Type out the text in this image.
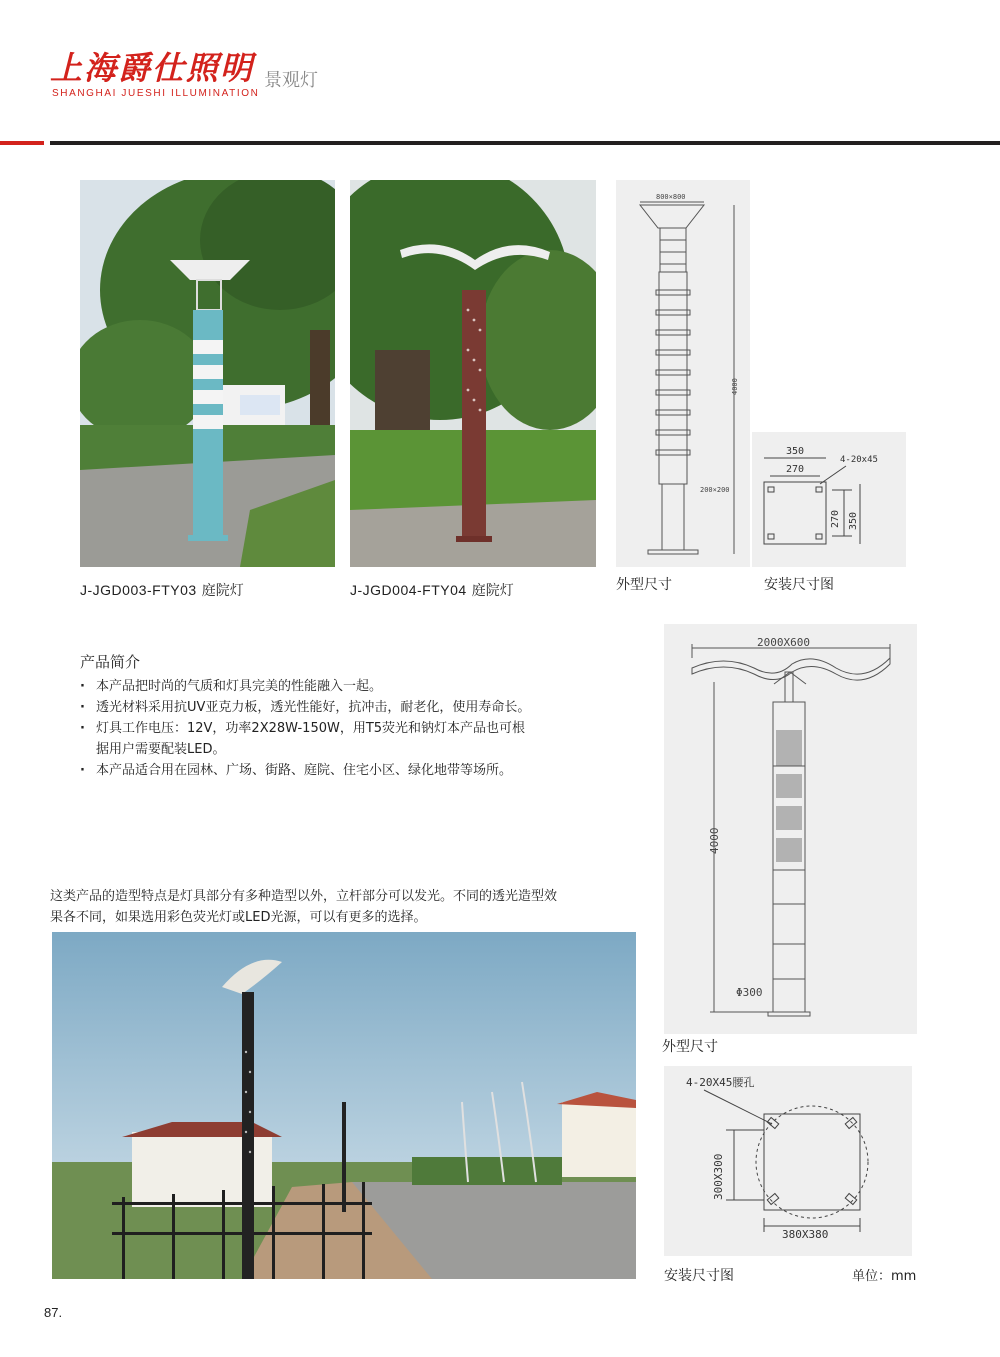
上海爵仕照明
SHANGHAI JUESHI ILLUMINATION
景观灯
J-JGD003-FTY03 庭院灯	J-JGD004-FTY04 庭院灯
800×800
4000
200×200
350
4-20x45
270
270 350
外型尺寸	安装尺寸图
产品简介
· 本产品把时尚的气质和灯具完美的性能融入一起。
· 透光材料采用抗UV亚克力板，透光性能好，抗冲击，耐老化，使用寿命长。
· 灯具工作电压：12V，功率2X28W-150W，用T5荧光和钠灯本产品也可根
据用户需要配装LED。
· 本产品适合用在园林、广场、街路、庭院、住宅小区、绿化地带等场所。
2000X600
4000
Φ300
外型尺寸
这类产品的造型特点是灯具部分有多种造型以外，立杆部分可以发光。不同的透光造型效
果各不同，如果选用彩色荧光灯或LED光源，可以有更多的选择。
4-20X45腰孔
300X300
380X380
安装尺寸图	单位：mm
87.
